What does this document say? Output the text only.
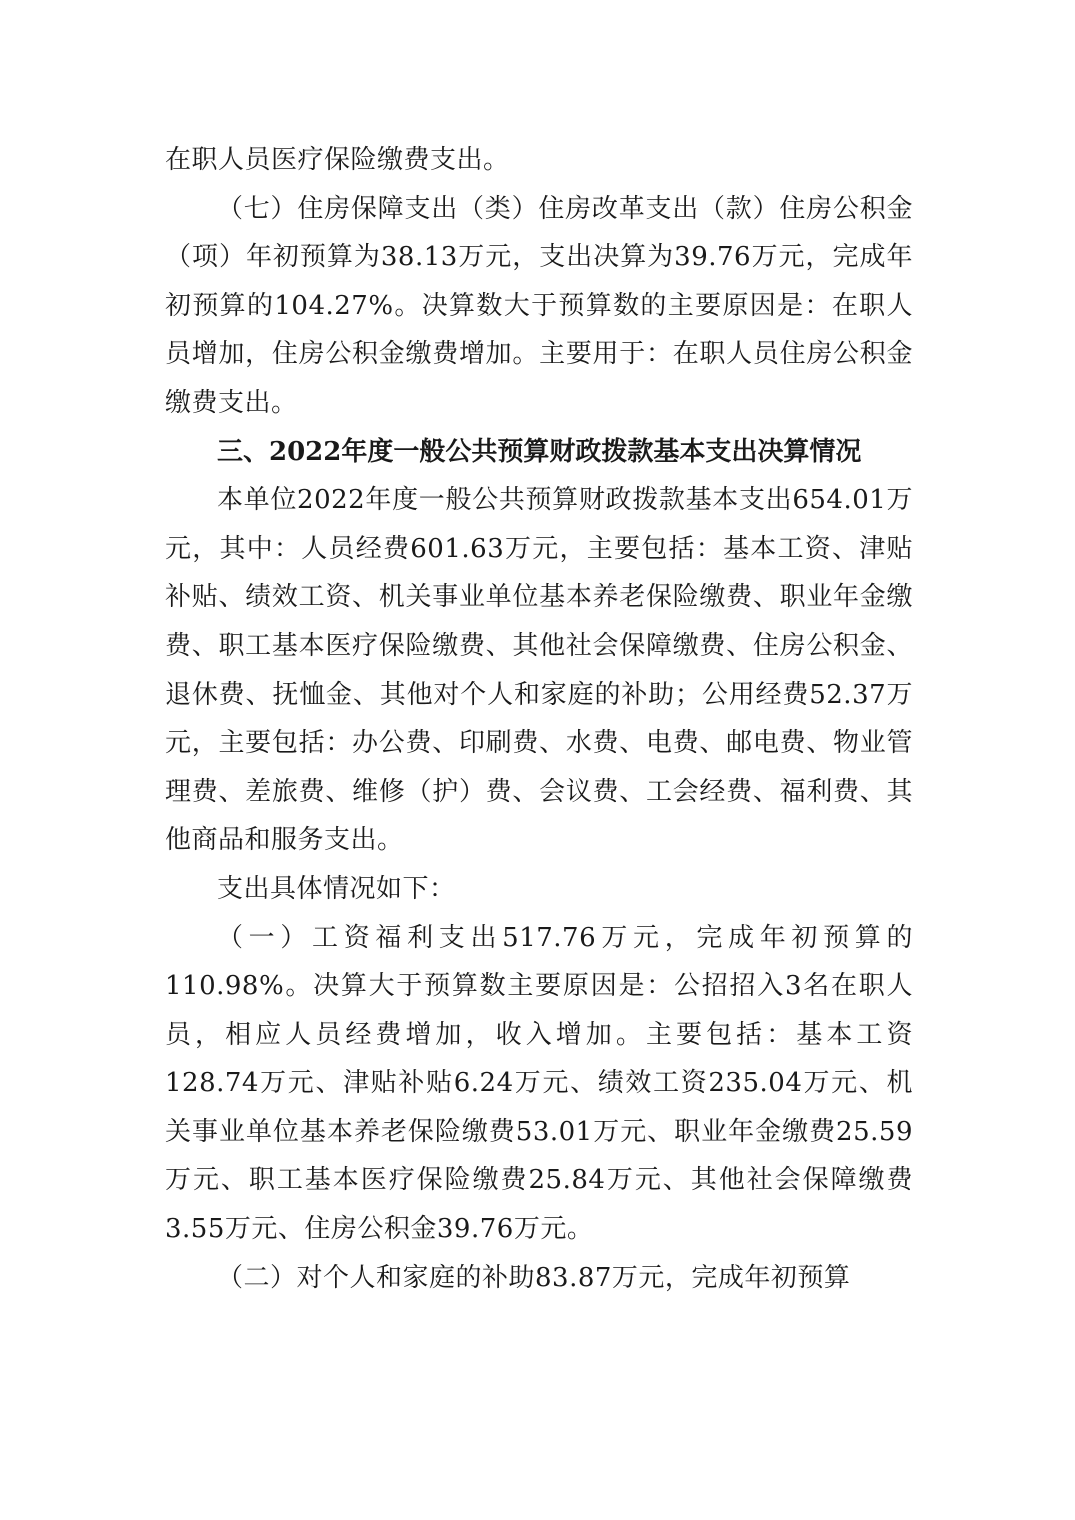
在职人员医疗保险缴费支出。

（七）住房保障支出（类）住房改革支出（款）住房公积金（项）年初预算为38.13万元，支出决算为39.76万元，完成年初预算的104.27%。决算数大于预算数的主要原因是：在职人员增加，住房公积金缴费增加。主要用于：在职人员住房公积金缴费支出。

三、2022年度一般公共预算财政拨款基本支出决算情况

本单位2022年度一般公共预算财政拨款基本支出654.01万元，其中：人员经费601.63万元，主要包括：基本工资、津贴补贴、绩效工资、机关事业单位基本养老保险缴费、职业年金缴费、职工基本医疗保险缴费、其他社会保障缴费、住房公积金、退休费、抚恤金、其他对个人和家庭的补助；公用经费52.37万元，主要包括：办公费、印刷费、水费、电费、邮电费、物业管理费、差旅费、维修（护）费、会议费、工会经费、福利费、其他商品和服务支出。

支出具体情况如下：

（一）工资福利支出517.76万元，完成年初预算的110.98%。决算大于预算数主要原因是：公招招入3名在职人员，相应人员经费增加，收入增加。主要包括：基本工资128.74万元、津贴补贴6.24万元、绩效工资235.04万元、机关事业单位基本养老保险缴费53.01万元、职业年金缴费25.59万元、职工基本医疗保险缴费25.84万元、其他社会保障缴费3.55万元、住房公积金39.76万元。

（二）对个人和家庭的补助83.87万元，完成年初预算
